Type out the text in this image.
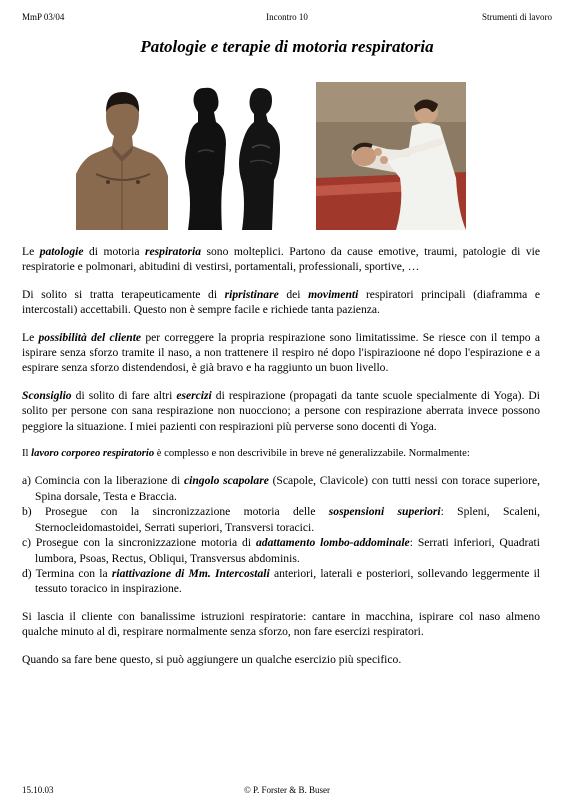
MmP 03/04	Incontro 10	Strumenti di lavoro
Patologie e terapie di motoria respiratoria

Le patologie di motoria respiratoria sono molteplici. Partono da cause emotive, traumi, patologie di vie respiratorie e polmonari, abitudini di vestirsi, portamentali, professionali, sportive, …

Di solito si tratta terapeuticamente di ripristinare dei movimenti respiratori principali (diaframma e intercostali) accettabili. Questo non è sempre facile e richiede tanta pazienza.

Le possibilità del cliente per correggere la propria respirazione sono limitatissime. Se riesce con il tempo a ispirare senza sforzo tramite il naso, a non trattenere il respiro né dopo l'ispirazioone né dopo l'espirazione e a espirare senza sforzo distendendosi, è già bravo e ha raggiunto un buon livello.

Sconsiglio di solito di fare altri esercizi di respirazione (propagati da tante scuole specialmente di Yoga). Di solito per persone con sana respirazione non nuocciono; a persone con respirazione aberrata invece possono peggiore la situazione. I miei pazienti con respirazioni più perverse sono docenti di Yoga.

Il lavoro corporeo respiratorio è complesso e non descrivibile in breve né generalizzabile. Normalmente:

a) Comincia con la liberazione di cingolo scapolare (Scapole, Clavicole) con tutti nessi con torace superiore, Spina dorsale, Testa e Braccia.
b) Prosegue con la sincronizzazione motoria delle sospensioni superiori: Spleni, Scaleni, Sternocleidomastoidei, Serrati superiori, Transversi toracici.
c) Prosegue con la sincronizzazione motoria di adattamento lombo-addominale: Serrati inferiori, Quadrati lumbora, Psoas, Rectus, Obliqui, Transversus abdominis.
d) Termina con la riattivazione di Mm. Intercostali anteriori, laterali e posteriori, sollevando leggermente il tessuto toracico in inspirazione.

Si lascia il cliente con banalissime istruzioni respiratorie: cantare in macchina, ispirare col naso almeno qualche minuto al dì, respirare normalmente senza sforzo, non fare esercizi respiratori.

Quando sa fare bene questo, si può aggiungere un qualche esercizio più specifico.

15.10.03	© P. Forster & B. Buser
